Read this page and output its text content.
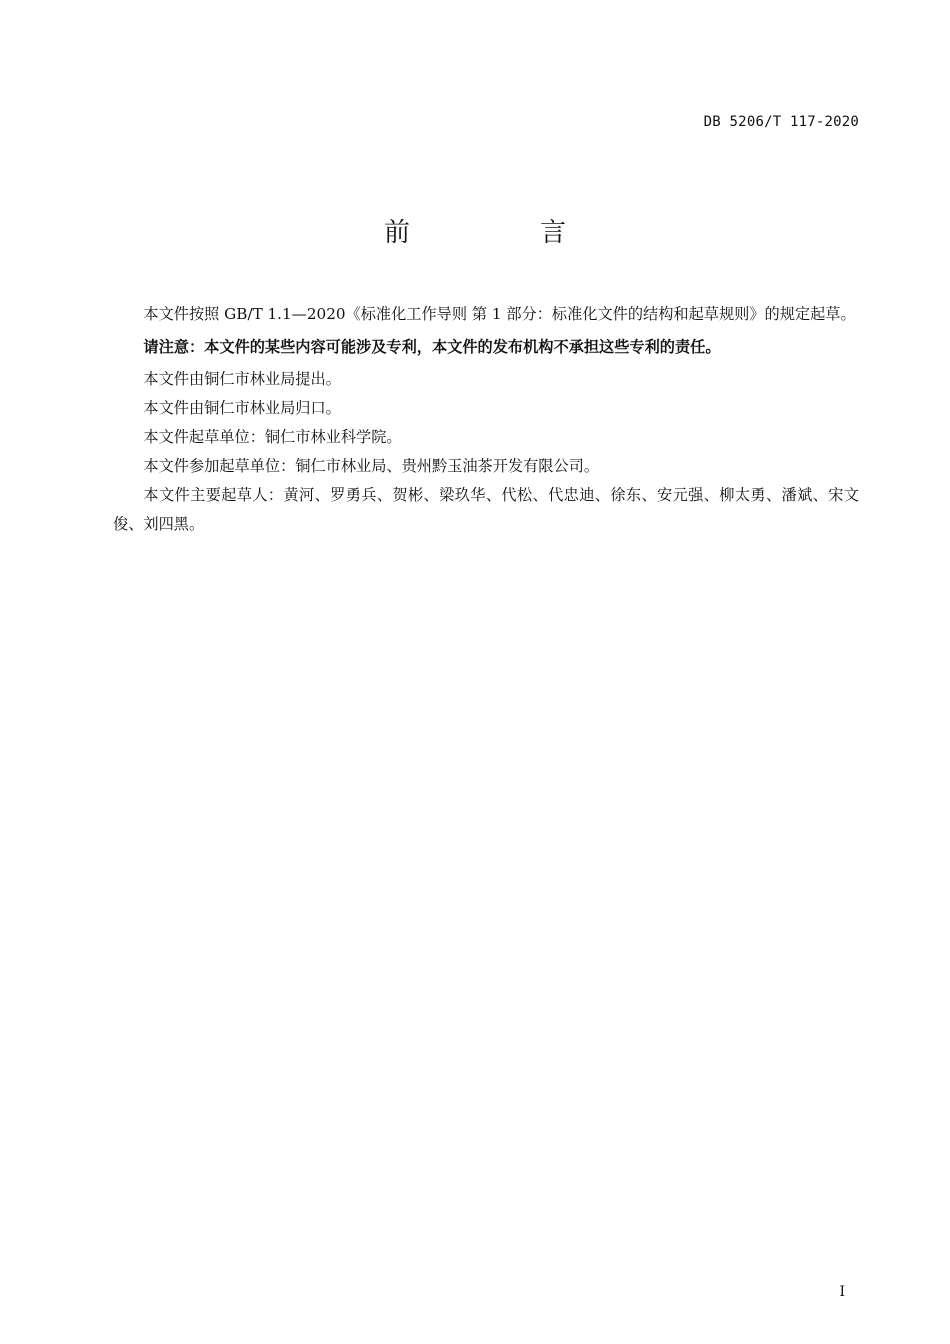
DB 5206/T 117-2020
前　言

本文件按照 GB/T 1.1—2020《标准化工作导则 第 1 部分：标准化文件的结构和起草规则》的规定起草。

请注意：本文件的某些内容可能涉及专利，本文件的发布机构不承担这些专利的责任。

本文件由铜仁市林业局提出。

本文件由铜仁市林业局归口。

本文件起草单位：铜仁市林业科学院。

本文件参加起草单位：铜仁市林业局、贵州黔玉油茶开发有限公司。

本文件主要起草人：黄河、罗勇兵、贺彬、梁玖华、代松、代忠迪、徐东、安元强、柳太勇、潘斌、宋文俊、刘四黑。

I
